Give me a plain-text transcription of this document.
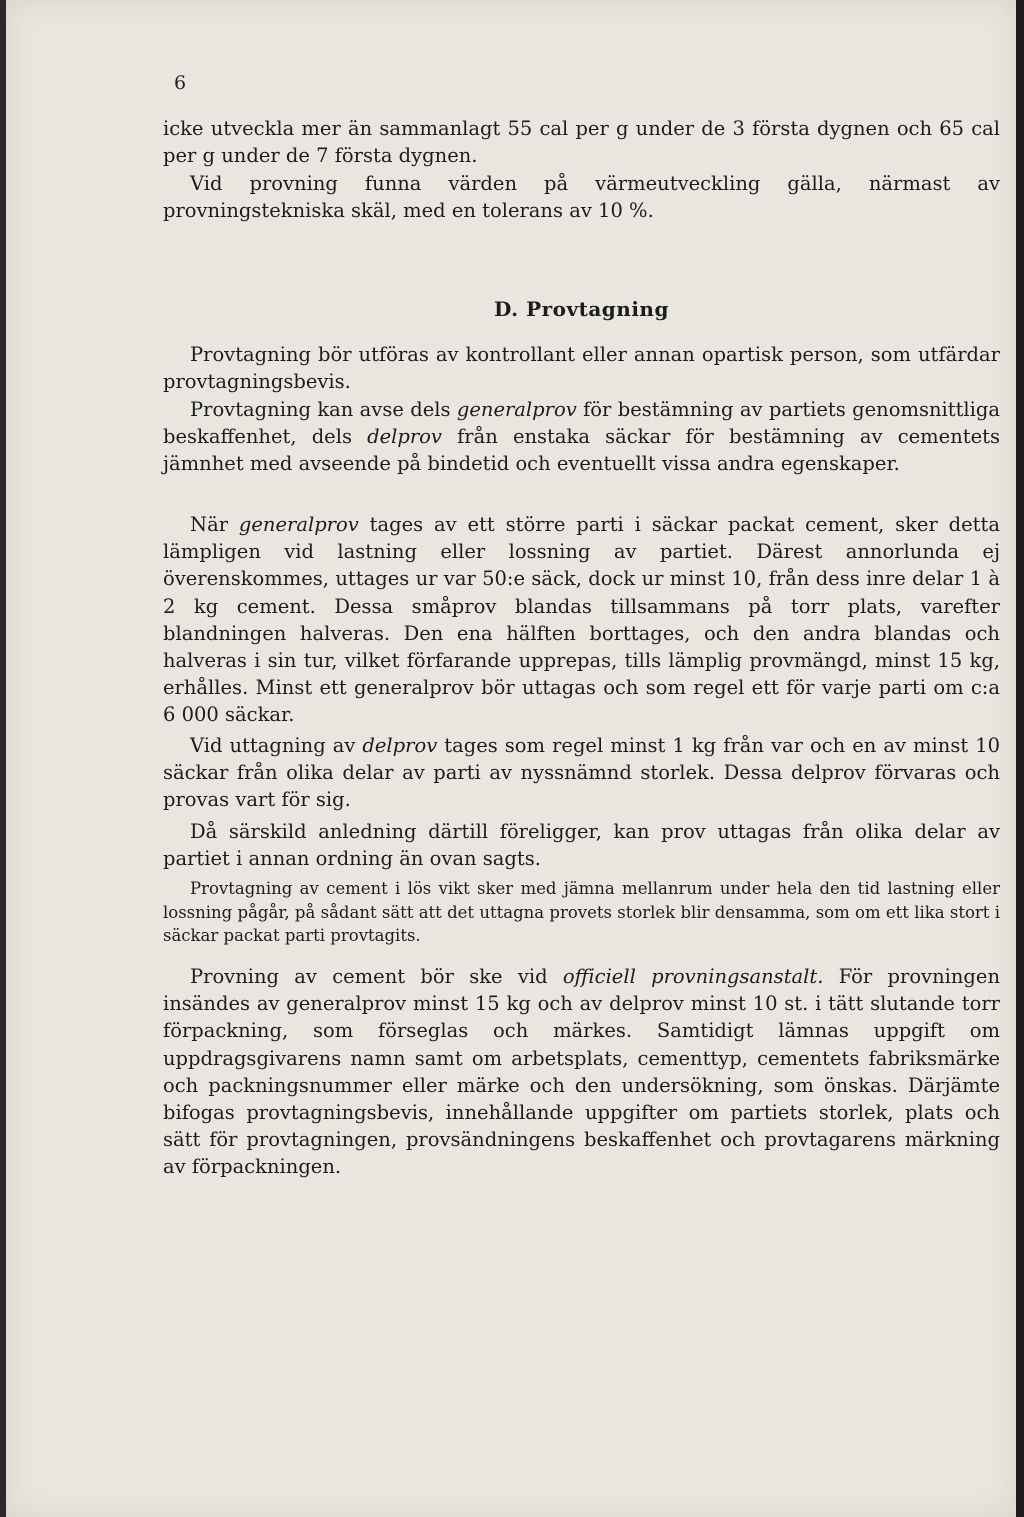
6

icke utveckla mer än sammanlagt 55 cal per g under de 3 första dygnen och 65 cal per g under de 7 första dygnen.

Vid provning funna värden på värmeutveckling gälla, närmast av provningstekniska skäl, med en tolerans av 10 %.

D. Provtagning

Provtagning bör utföras av kontrollant eller annan opartisk person, som utfärdar provtagningsbevis.

Provtagning kan avse dels generalprov för bestämning av partiets genomsnittliga beskaffenhet, dels delprov från enstaka säckar för bestämning av cementets jämnhet med avseende på bindetid och eventuellt vissa andra egenskaper.

När generalprov tages av ett större parti i säckar packat cement, sker detta lämpligen vid lastning eller lossning av partiet. Därest annorlunda ej överenskommes, uttages ur var 50:e säck, dock ur minst 10, från dess inre delar 1 à 2 kg cement. Dessa småprov blandas tillsammans på torr plats, varefter blandningen halveras. Den ena hälften borttages, och den andra blandas och halveras i sin tur, vilket förfarande upprepas, tills lämplig provmängd, minst 15 kg, erhålles. Minst ett generalprov bör uttagas och som regel ett för varje parti om c:a 6 000 säckar.

Vid uttagning av delprov tages som regel minst 1 kg från var och en av minst 10 säckar från olika delar av parti av nyssnämnd storlek. Dessa delprov förvaras och provas vart för sig.

Då särskild anledning därtill föreligger, kan prov uttagas från olika delar av partiet i annan ordning än ovan sagts.

Provtagning av cement i lös vikt sker med jämna mellanrum under hela den tid lastning eller lossning pågår, på sådant sätt att det uttagna provets storlek blir densamma, som om ett lika stort i säckar packat parti provtagits.

Provning av cement bör ske vid officiell provningsanstalt. För provningen insändes av generalprov minst 15 kg och av delprov minst 10 st. i tätt slutande torr förpackning, som förseglas och märkes. Samtidigt lämnas uppgift om uppdragsgivarens namn samt om arbetsplats, cementtyp, cementets fabriksmärke och packningsnummer eller märke och den undersökning, som önskas. Därjämte bifogas provtagningsbevis, innehållande uppgifter om partiets storlek, plats och sätt för provtagningen, provsändningens beskaffenhet och provtagarens märkning av förpackningen.
